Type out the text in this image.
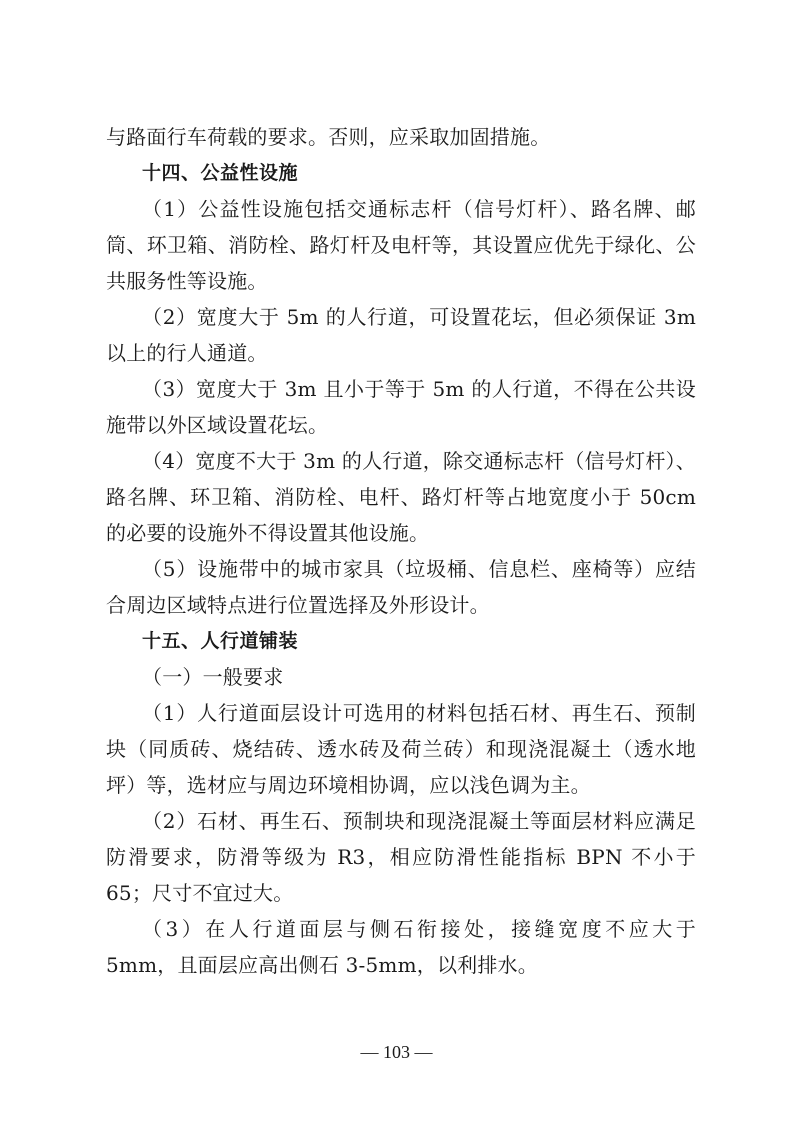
与路面行车荷载的要求。否则，应采取加固措施。

十四、公益性设施

（1）公益性设施包括交通标志杆（信号灯杆）、路名牌、邮筒、环卫箱、消防栓、路灯杆及电杆等，其设置应优先于绿化、公共服务性等设施。

（2）宽度大于 5m 的人行道，可设置花坛，但必须保证 3m 以上的行人通道。

（3）宽度大于 3m 且小于等于 5m 的人行道，不得在公共设施带以外区域设置花坛。

（4）宽度不大于 3m 的人行道，除交通标志杆（信号灯杆）、路名牌、环卫箱、消防栓、电杆、路灯杆等占地宽度小于 50cm 的必要的设施外不得设置其他设施。

（5）设施带中的城市家具（垃圾桶、信息栏、座椅等）应结合周边区域特点进行位置选择及外形设计。

十五、人行道铺装

（一）一般要求

（1）人行道面层设计可选用的材料包括石材、再生石、预制块（同质砖、烧结砖、透水砖及荷兰砖）和现浇混凝土（透水地坪）等，选材应与周边环境相协调，应以浅色调为主。

（2）石材、再生石、预制块和现浇混凝土等面层材料应满足防滑要求，防滑等级为 R3，相应防滑性能指标 BPN 不小于 65；尺寸不宜过大。

（3）在人行道面层与侧石衔接处，接缝宽度不应大于 5mm，且面层应高出侧石 3-5mm，以利排水。

— 103 —
